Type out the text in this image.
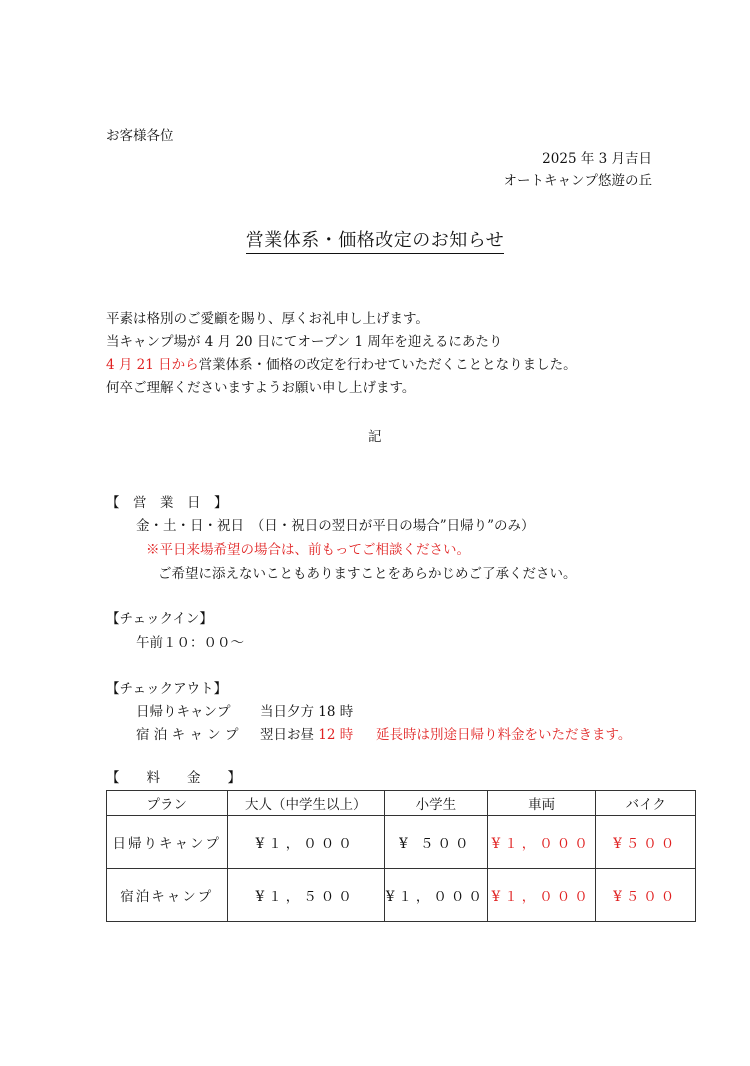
お客様各位
2025 年 3 月吉日
オートキャンプ悠遊の丘
営業体系・価格改定のお知らせ
平素は格別のご愛顧を賜り、厚くお礼申し上げます。
当キャンプ場が 4 月 20 日にてオープン 1 周年を迎えるにあたり
4 月 21 日から営業体系・価格の改定を行わせていただくこととなりました。
何卒ご理解くださいますようお願い申し上げます。
記
【　営　業　日　】
金・土・日・祝日　（日・祝日の翌日が平日の場合”日帰り”のみ）
※平日来場希望の場合は、前もってご相談ください。
ご希望に添えないこともありますことをあらかじめご了承ください。
【チェックイン】
午前１０：００～
【チェックアウト】
日帰りキャンプ 当日夕方 18 時
宿 泊 キ ャ ン プ 翌日お昼 12 時 延長時は別途日帰り料金をいただきます。
【　　料　　金　　】
プラン	大人（中学生以上）	小学生	車両	バイク
日帰りキャンプ	¥１，０００	¥ ５００	¥１，０００	¥５００
宿泊キャンプ	¥１，５００	¥１，０００	¥１，０００	¥５００
